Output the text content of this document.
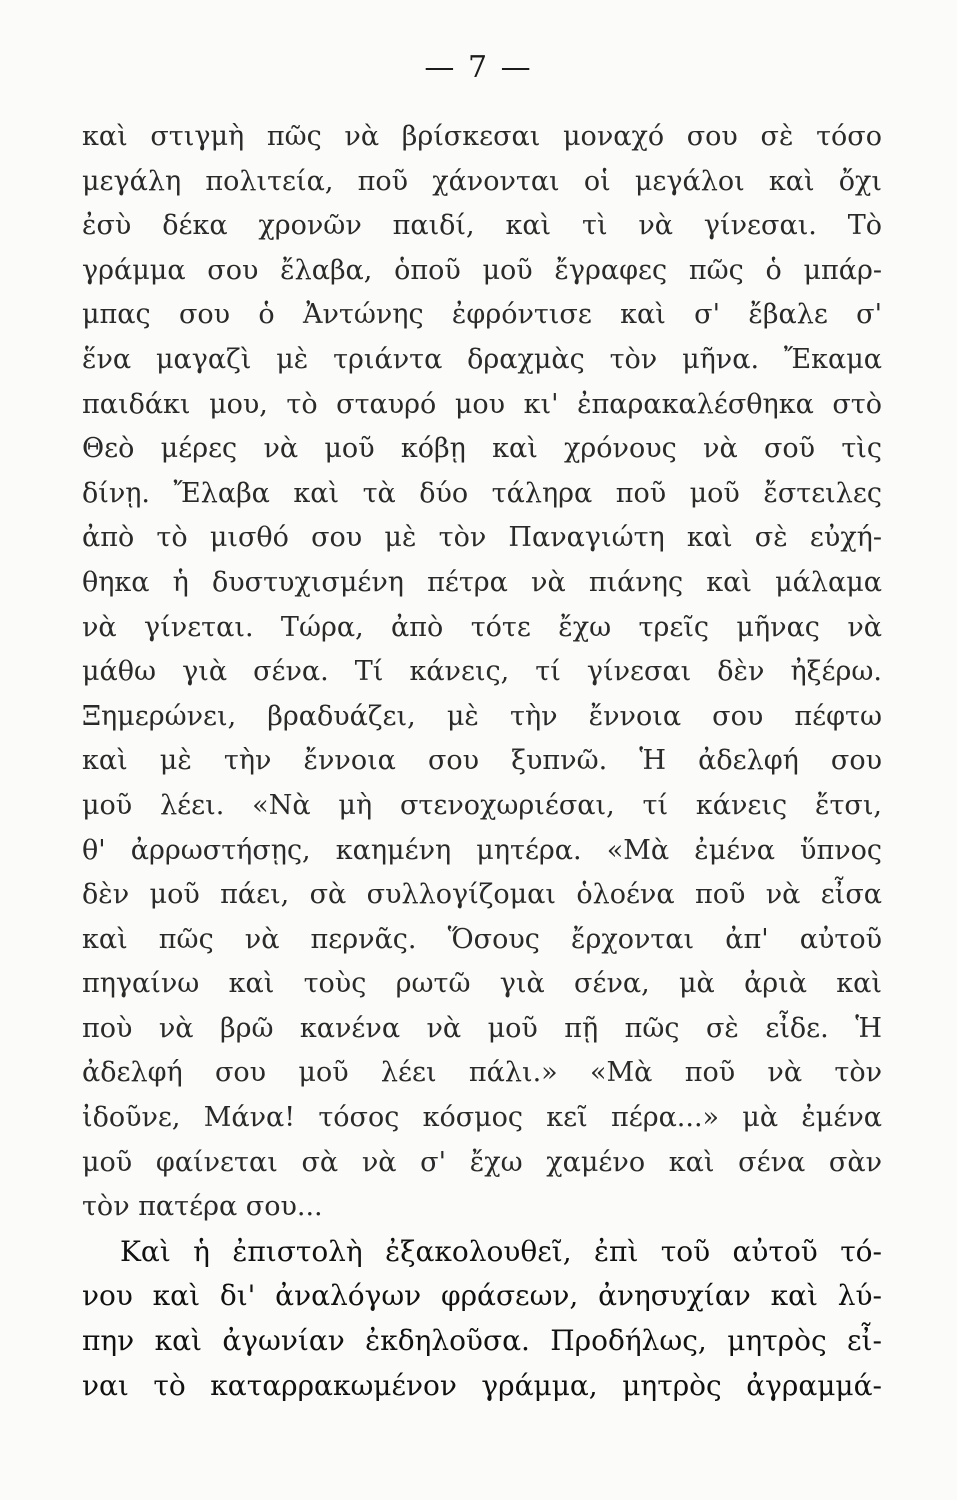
— 7 —
καὶ στιγμὴ πῶς νὰ βρίσκεσαι μοναχό σου σὲ τόσο
μεγάλη πολιτεία, ποῦ χάνονται οἱ μεγάλοι καὶ ὄχι
ἐσὺ δέκα χρονῶν παιδί, καὶ τὶ νὰ γίνεσαι. Τὸ
γράμμα σου ἔλαβα, ὁποῦ μοῦ ἔγραφες πῶς ὁ μπάρ-
μπας σου ὁ Ἀντώνης ἐφρόντισε καὶ σ' ἔβαλε σ'
ἕνα μαγαζὶ μὲ τριάντα δραχμὰς τὸν μῆνα. Ἔκαμα
παιδάκι μου, τὸ σταυρό μου κι' ἐπαρακαλέσθηκα στὸ
Θεὸ μέρες νὰ μοῦ κόβῃ καὶ χρόνους νὰ σοῦ τὶς
δίνῃ. Ἔλαβα καὶ τὰ δύο τάληρα ποῦ μοῦ ἔστειλες
ἀπὸ τὸ μισθό σου μὲ τὸν Παναγιώτη καὶ σὲ εὐχή-
θηκα ἡ δυστυχισμένη πέτρα νὰ πιάνης καὶ μάλαμα
νὰ γίνεται. Τώρα, ἀπὸ τότε ἔχω τρεῖς μῆνας νὰ
μάθω γιὰ σένα. Τί κάνεις, τί γίνεσαι δὲν ἠξέρω.
Ξημερώνει, βραδυάζει, μὲ τὴν ἔννοια σου πέφτω
καὶ μὲ τὴν ἔννοια σου ξυπνῶ. Ἡ ἀδελφή σου
μοῦ λέει. «Νὰ μὴ στενοχωριέσαι, τί κάνεις ἔτσι,
θ' ἀρρωστήσῃς, καημένη μητέρα. «Μὰ ἐμένα ὕπνος
δὲν μοῦ πάει, σὰ συλλογίζομαι ὁλοένα ποῦ νὰ εἶσα
καὶ πῶς νὰ περνᾶς. Ὅσους ἔρχονται ἀπ' αὐτοῦ
πηγαίνω καὶ τοὺς ρωτῶ γιὰ σένα, μὰ ἀριὰ καὶ
ποὺ νὰ βρῶ κανένα νὰ μοῦ πῇ πῶς σὲ εἶδε. Ἡ
ἀδελφή σου μοῦ λέει πάλι.» «Μὰ ποῦ νὰ τὸν
ἰδοῦνε, Μάνα! τόσος κόσμος κεῖ πέρα...» μὰ ἐμένα
μοῦ φαίνεται σὰ νὰ σ' ἔχω χαμένο καὶ σένα σὰν
τὸν πατέρα σου...
Καὶ ἡ ἐπιστολὴ ἐξακολουθεῖ, ἐπὶ τοῦ αὐτοῦ τό-
νου καὶ δι' ἀναλόγων φράσεων, ἀνησυχίαν καὶ λύ-
πην καὶ ἀγωνίαν ἐκδηλοῦσα. Προδήλως, μητρὸς εἶ-
ναι τὸ καταρρακωμένον γράμμα, μητρὸς ἀγραμμά-
